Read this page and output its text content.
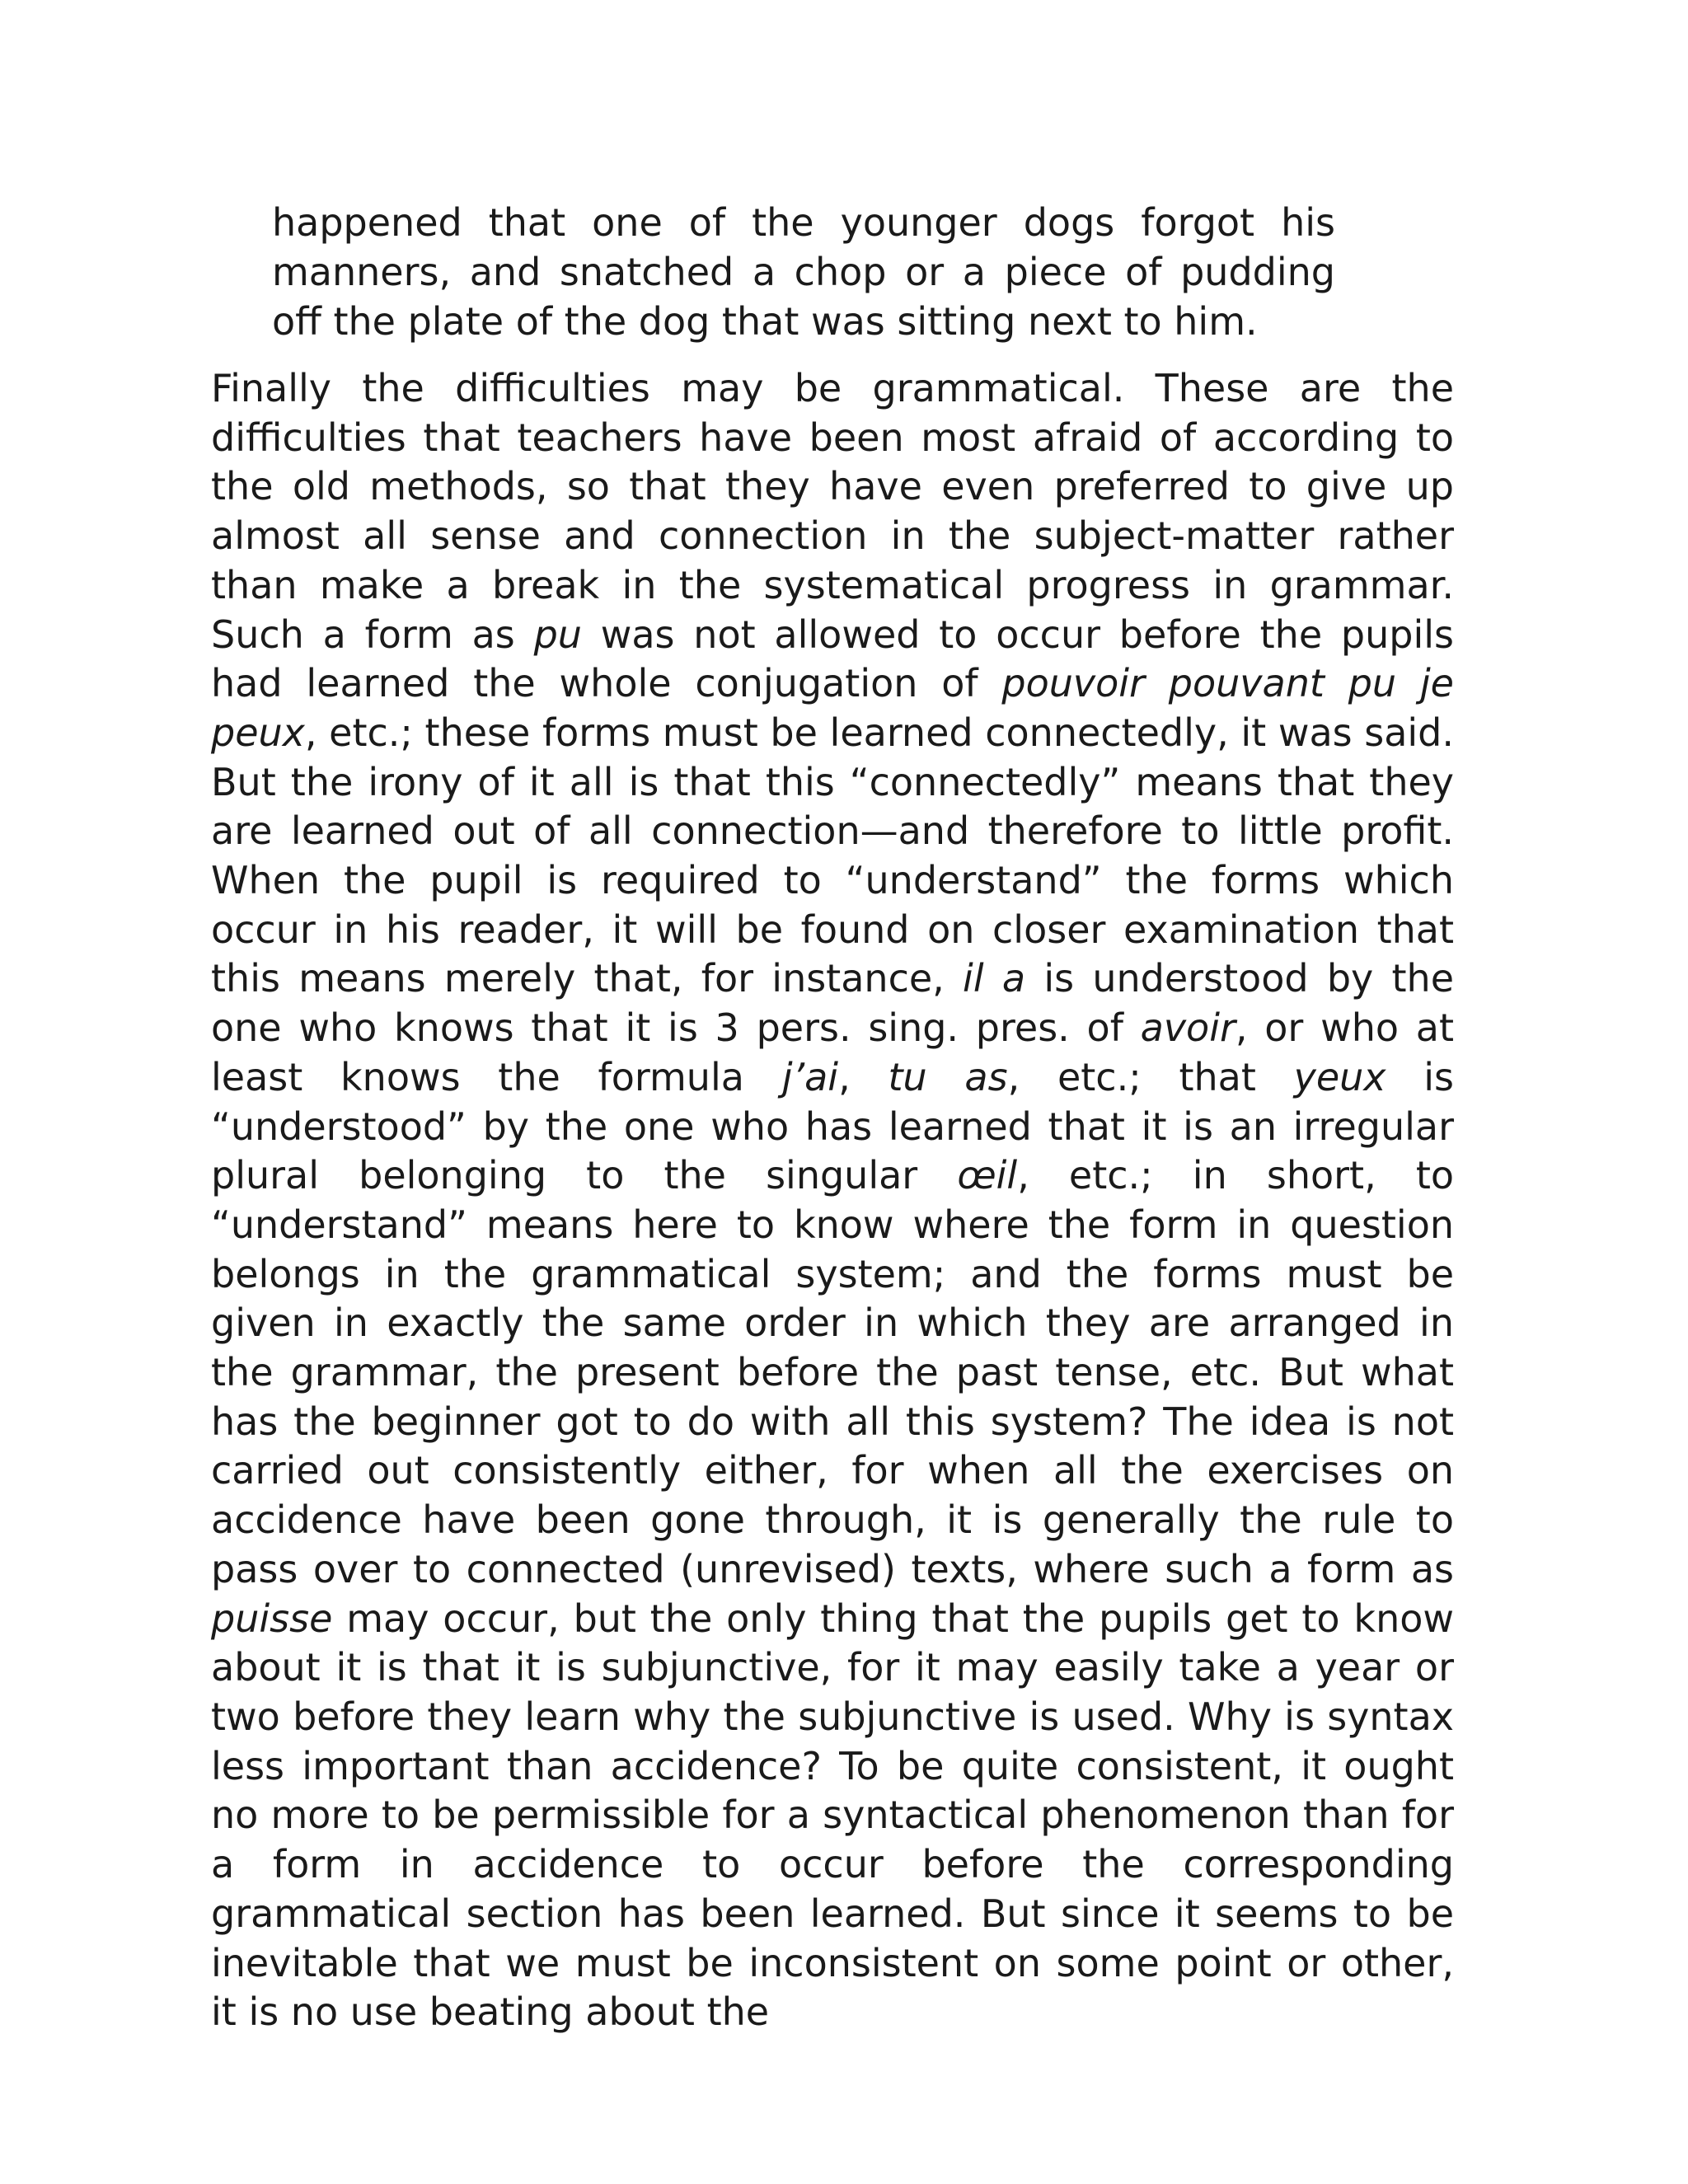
happened that one of the younger dogs forgot his manners, and snatched a chop or a piece of pudding off the plate of the dog that was sitting next to him.

Finally the difficulties may be grammatical. These are the difficulties that teachers have been most afraid of according to the old methods, so that they have even preferred to give up almost all sense and connection in the subject-matter rather than make a break in the systematical progress in grammar. Such a form as pu was not allowed to occur before the pupils had learned the whole conjugation of pouvoir pouvant pu je peux, etc.; these forms must be learned connectedly, it was said. But the irony of it all is that this “connectedly” means that they are learned out of all connection—and therefore to little profit. When the pupil is required to “understand” the forms which occur in his reader, it will be found on closer examination that this means merely that, for instance, il a is understood by the one who knows that it is 3 pers. sing. pres. of avoir, or who at least knows the formula j’ai, tu as, etc.; that yeux is “understood” by the one who has learned that it is an irregular plural belonging to the singular œil, etc.; in short, to “understand” means here to know where the form in question belongs in the grammatical system; and the forms must be given in exactly the same order in which they are arranged in the grammar, the present before the past tense, etc. But what has the beginner got to do with all this system? The idea is not carried out consistently either, for when all the exercises on accidence have been gone through, it is generally the rule to pass over to connected (unrevised) texts, where such a form as puisse may occur, but the only thing that the pupils get to know about it is that it is subjunctive, for it may easily take a year or two before they learn why the subjunctive is used. Why is syntax less important than accidence? To be quite consistent, it ought no more to be permissible for a syntactical phenomenon than for a form in accidence to occur before the corresponding grammatical section has been learned. But since it seems to be inevitable that we must be inconsistent on some point or other, it is no use beating about the
